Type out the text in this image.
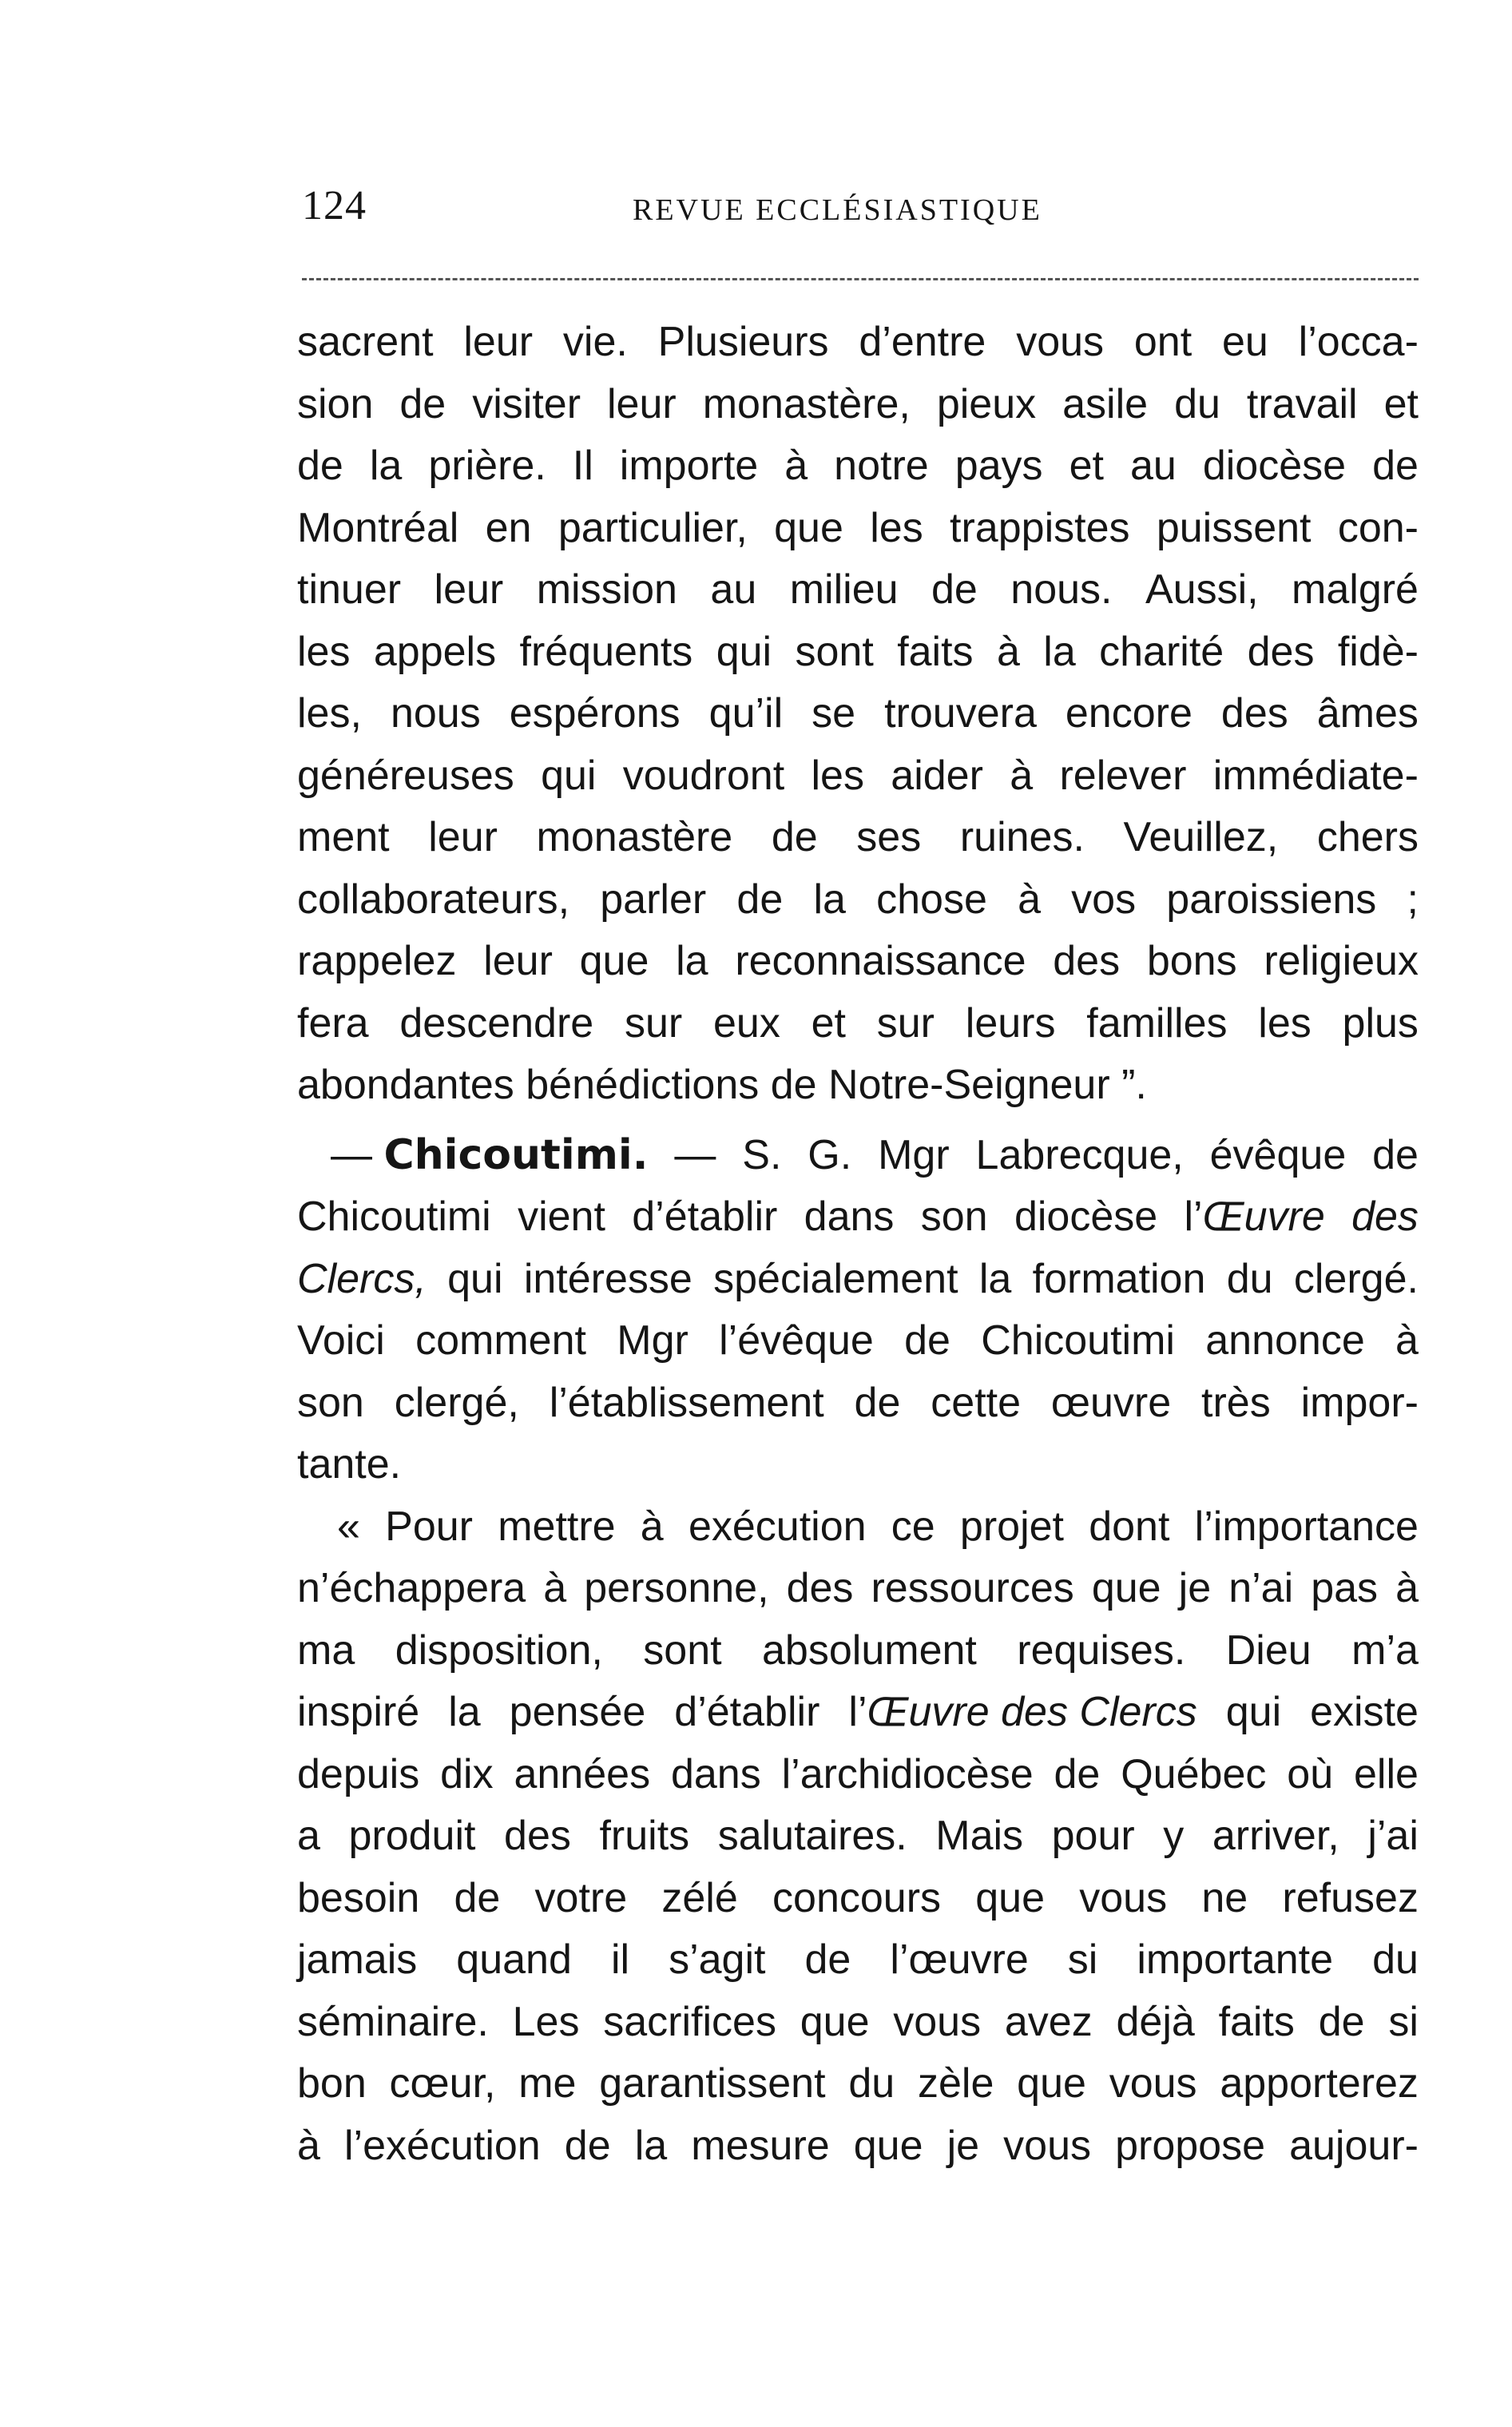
124	REVUE ECCLÉSIASTIQUE
sacrent leur vie. Plusieurs d’entre vous ont eu l’occa-
sion de visiter leur monastère, pieux asile du travail et
de la prière. Il importe à notre pays et au diocèse de
Montréal en particulier, que les trappistes puissent con-
tinuer leur mission au milieu de nous. Aussi, malgré
les appels fréquents qui sont faits à la charité des fidè-
les, nous espérons qu’il se trouvera encore des âmes
généreuses qui voudront les aider à relever immédiate-
ment leur monastère de ses ruines. Veuillez, chers
collaborateurs, parler de la chose à vos paroissiens ;
rappelez leur que la reconnaissance des bons religieux
fera descendre sur eux et sur leurs familles les plus
abondantes
bénédictions
de
Notre-Seigneur
”.
— Chicoutimi. — S. G. Mgr Labrecque, évêque de
Chicoutimi vient d’établir dans son diocèse l’Œuvre des
Clercs, qui intéresse spécialement la formation du clergé.
Voici comment Mgr l’évêque de Chicoutimi annonce à
son clergé, l’établissement de cette œuvre très impor-
tante.
« Pour mettre à exécution ce projet dont l’importance
n’échappera à personne, des ressources que je n’ai pas à
ma disposition, sont absolument requises. Dieu m’a
inspiré la pensée d’établir l’Œuvre des Clercs qui existe
depuis dix années dans l’archidiocèse de Québec où elle
a produit des fruits salutaires. Mais pour y arriver, j’ai
besoin de votre zélé concours que vous ne refusez
jamais quand il s’agit de l’œuvre si importante du
séminaire. Les sacrifices que vous avez déjà faits de si
bon cœur, me garantissent du zèle que vous apporterez
à l’exécution de la mesure que je vous propose aujour-
